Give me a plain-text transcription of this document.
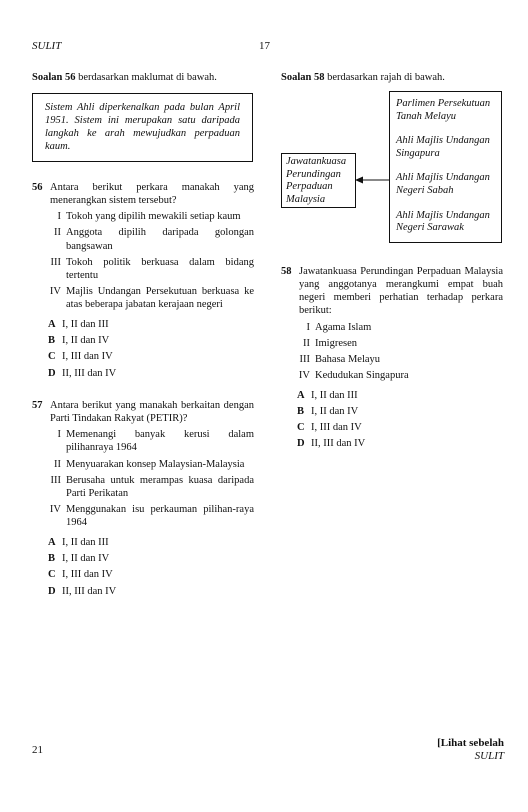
SULIT	17
Soalan 56 berdasarkan maklumat di bawah.
Sistem Ahli diperkenalkan pada bulan April 1951. Sistem ini merupakan satu daripada langkah ke arah mewujudkan perpaduan kaum.
56 Antara berikut perkara manakah yang menerangkan sistem tersebut?
I Tokoh yang dipilih mewakili setiap kaum
II Anggota dipilih daripada golongan bangsawan
III Tokoh politik berkuasa dalam bidang tertentu
IV Majlis Undangan Persekutuan berkuasa ke atas beberapa jabatan kerajaan negeri
A I, II dan III
B I, II dan IV
C I, III dan IV
D II, III dan IV
57 Antara berikut yang manakah berkaitan dengan Parti Tindakan Rakyat (PETIR)?
I Memenangi banyak kerusi dalam pilihanraya 1964
II Menyuarakan konsep Malaysian-Malaysia
III Berusaha untuk merampas kuasa daripada Parti Perikatan
IV Menggunakan isu perkauman pilihan-raya 1964
A I, II dan III
B I, II dan IV
C I, III dan IV
D II, III dan IV
Soalan 58 berdasarkan rajah di bawah.
Jawatankuasa
Perundingan
Perpaduan
Malaysia
Parlimen Persekutuan
Tanah Melayu
Ahli Majlis Undangan
Singapura
Ahli Majlis Undangan
Negeri Sabah
Ahli Majlis Undangan
Negeri Sarawak
58 Jawatankuasa Perundingan Perpaduan Malaysia yang anggotanya merangkumi empat buah negeri memberi perhatian terhadap perkara berikut:
I Agama Islam
II Imigresen
III Bahasa Melayu
IV Kedudukan Singapura
A I, II dan III
B I, II dan IV
C I, III dan IV
D II, III dan IV
21
[Lihat sebelah
SULIT
